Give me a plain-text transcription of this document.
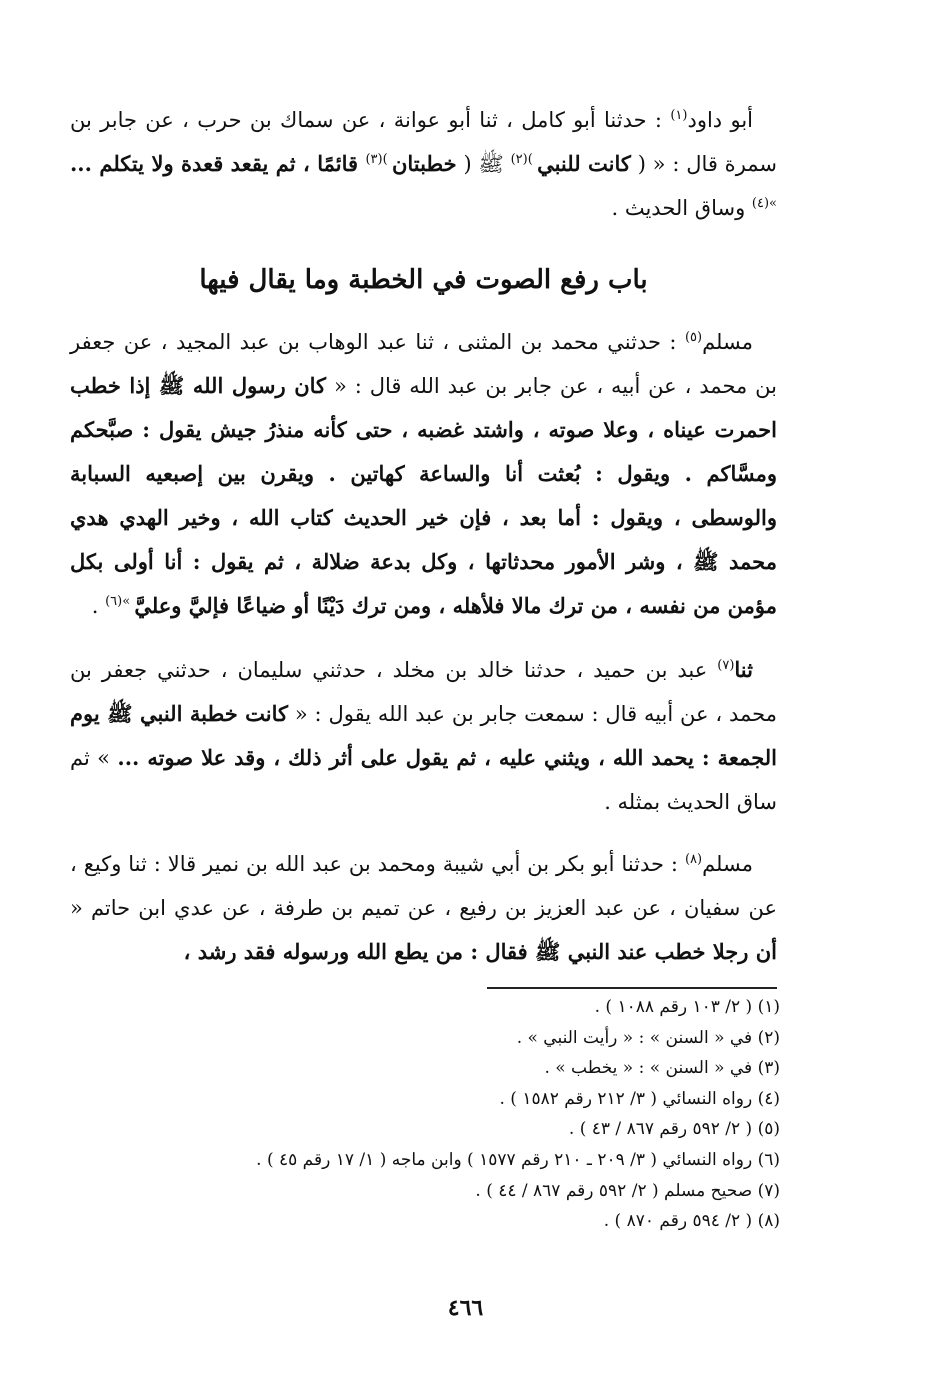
أبو داود$^{(١)}$ : حدثنا أبو كامل ، ثنا أبو عوانة ، عن سماك بن حرب ، عن جابر بن سمرة قال : « ( كانت للنبي $^{)(٢)}$ ﷺ ( خطبتان $^{)(٣)}$ قائمًا ، ثم يقعد قعدة ولا يتكلم ... $^{»(٤)}$ وساق الحديث .

باب رفع الصوت في الخطبة وما يقال فيها

مسلم$^{(٥)}$ : حدثني محمد بن المثنى ، ثنا عبد الوهاب بن عبد المجيد ، عن جعفر بن محمد ، عن أبيه ، عن جابر بن عبد الله قال : « كان رسول الله ﷺ إذا خطب احمرت عيناه ، وعلا صوته ، واشتد غضبه ، حتى كأنه منذرُ جيش يقول : صبَّحكم ومسَّاكم . ويقول : بُعثت أنا والساعة كهاتين . ويقرن بين إصبعيه السبابة والوسطى ، ويقول : أما بعد ، فإن خير الحديث كتاب الله ، وخير الهدي هدي محمد ﷺ ، وشر الأمور محدثاتها ، وكل بدعة ضلالة ، ثم يقول : أنا أولى بكل مؤمن من نفسه ، من ترك مالا فلأهله ، ومن ترك دَيْنًا أو ضياعًا فإليَّ وعليَّ $^{»(٦)}$ .

ثنا$^{(٧)}$ عبد بن حميد ، حدثنا خالد بن مخلد ، حدثني سليمان ، حدثني جعفر بن محمد ، عن أبيه قال : سمعت جابر بن عبد الله يقول : « كانت خطبة النبي ﷺ يوم الجمعة : يحمد الله ، ويثني عليه ، ثم يقول على أثر ذلك ، وقد علا صوته ... » ثم ساق الحديث بمثله .

مسلم$^{(٨)}$ : حدثنا أبو بكر بن أبي شيبة ومحمد بن عبد الله بن نمير قالا : ثنا وكيع ، عن سفيان ، عن عبد العزيز بن رفيع ، عن تميم بن طرفة ، عن عدي ابن حاتم « أن رجلا خطب عند النبي ﷺ فقال : من يطع الله ورسوله فقد رشد ،

(١) ( ٢/ ١٠٣ رقم ١٠٨٨ ) .
(٢) في « السنن » : « رأيت النبي » .
(٣) في « السنن » : « يخطب » .
(٤) رواه النسائي ( ٣/ ٢١٢ رقم ١٥٨٢ ) .
(٥) ( ٢/ ٥٩٢ رقم ٨٦٧ / ٤٣ ) .
(٦) رواه النسائي ( ٣/ ٢٠٩ ـ ٢١٠ رقم ١٥٧٧ ) وابن ماجه ( ١/ ١٧ رقم ٤٥ ) .
(٧) صحيح مسلم ( ٢/ ٥٩٢ رقم ٨٦٧ / ٤٤ ) .
(٨) ( ٢/ ٥٩٤ رقم ٨٧٠ ) .
٤٦٦
